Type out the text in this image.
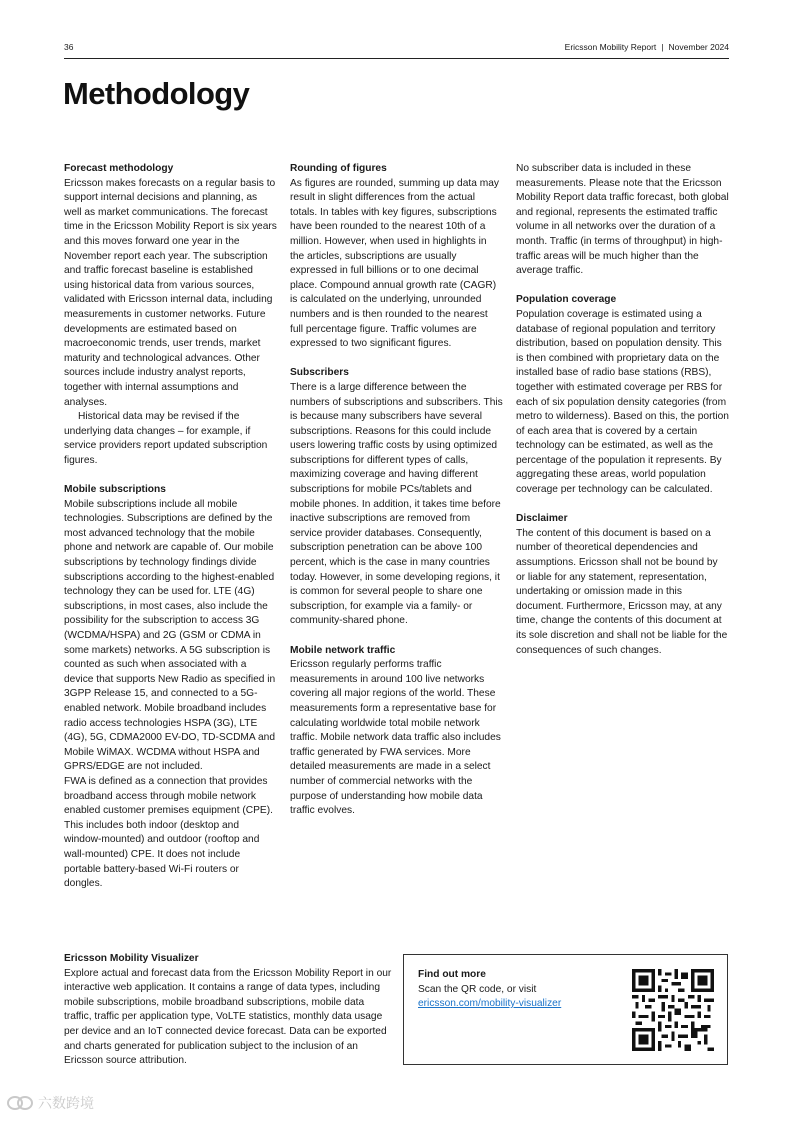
36	Ericsson Mobility Report | November 2024
Methodology
Forecast methodology

Ericsson makes forecasts on a regular basis to support internal decisions and planning, as well as market communications. The forecast time in the Ericsson Mobility Report is six years and this moves forward one year in the November report each year. The subscription and traffic forecast baseline is established using historical data from various sources, validated with Ericsson internal data, including measurements in customer networks. Future developments are estimated based on macroeconomic trends, user trends, market maturity and technological advances. Other sources include industry analyst reports, together with internal assumptions and analyses.

Historical data may be revised if the underlying data changes – for example, if service providers report updated subscription figures.

Mobile subscriptions

Mobile subscriptions include all mobile technologies. Subscriptions are defined by the most advanced technology that the mobile phone and network are capable of. Our mobile subscriptions by technology findings divide subscriptions according to the highest-enabled technology they can be used for. LTE (4G) subscriptions, in most cases, also include the possibility for the subscription to access 3G (WCDMA/HSPA) and 2G (GSM or CDMA in some markets) networks. A 5G subscription is counted as such when associated with a device that supports New Radio as specified in 3GPP Release 15, and connected to a 5G-enabled network. Mobile broadband includes radio access technologies HSPA (3G), LTE (4G), 5G, CDMA2000 EV-DO, TD-SCDMA and Mobile WiMAX. WCDMA without HSPA and GPRS/EDGE are not included.

FWA is defined as a connection that provides broadband access through mobile network enabled customer premises equipment (CPE). This includes both indoor (desktop and window-mounted) and outdoor (rooftop and wall-mounted) CPE. It does not include portable battery-based Wi-Fi routers or dongles.

Rounding of figures

As figures are rounded, summing up data may result in slight differences from the actual totals. In tables with key figures, subscriptions have been rounded to the nearest 10th of a million. However, when used in highlights in the articles, subscriptions are usually expressed in full billions or to one decimal place. Compound annual growth rate (CAGR) is calculated on the underlying, unrounded numbers and is then rounded to the nearest full percentage figure. Traffic volumes are expressed to two significant figures.

Subscribers

There is a large difference between the numbers of subscriptions and subscribers. This is because many subscribers have several subscriptions. Reasons for this could include users lowering traffic costs by using optimized subscriptions for different types of calls, maximizing coverage and having different subscriptions for mobile PCs/tablets and mobile phones. In addition, it takes time before inactive subscriptions are removed from service provider databases. Consequently, subscription penetration can be above 100 percent, which is the case in many countries today. However, in some developing regions, it is common for several people to share one subscription, for example via a family- or community-shared phone.

Mobile network traffic

Ericsson regularly performs traffic measurements in around 100 live networks covering all major regions of the world. These measurements form a representative base for calculating worldwide total mobile network traffic. Mobile network data traffic also includes traffic generated by FWA services. More detailed measurements are made in a select number of commercial networks with the purpose of understanding how mobile data traffic evolves.

No subscriber data is included in these measurements. Please note that the Ericsson Mobility Report data traffic forecast, both global and regional, represents the estimated traffic volume in all networks over the duration of a month. Traffic (in terms of throughput) in high-traffic areas will be much higher than the average traffic.

Population coverage

Population coverage is estimated using a database of regional population and territory distribution, based on population density. This is then combined with proprietary data on the installed base of radio base stations (RBS), together with estimated coverage per RBS for each of six population density categories (from metro to wilderness). Based on this, the portion of each area that is covered by a certain technology can be estimated, as well as the percentage of the population it represents. By aggregating these areas, world population coverage per technology can be calculated.

Disclaimer

The content of this document is based on a number of theoretical dependencies and assumptions. Ericsson shall not be bound by or liable for any statement, representation, undertaking or omission made in this document. Furthermore, Ericsson may, at any time, change the contents of this document at its sole discretion and shall not be liable for the consequences of such changes.

Ericsson Mobility Visualizer

Explore actual and forecast data from the Ericsson Mobility Report in our interactive web application. It contains a range of data types, including mobile subscriptions, mobile broadband subscriptions, mobile data traffic, traffic per application type, VoLTE statistics, monthly data usage per device and an IoT connected device forecast. Data can be exported and charts generated for publication subject to the inclusion of an Ericsson source attribution.

Find out more

Scan the QR code, or visit

ericsson.com/mobility-visualizer
六数跨境
